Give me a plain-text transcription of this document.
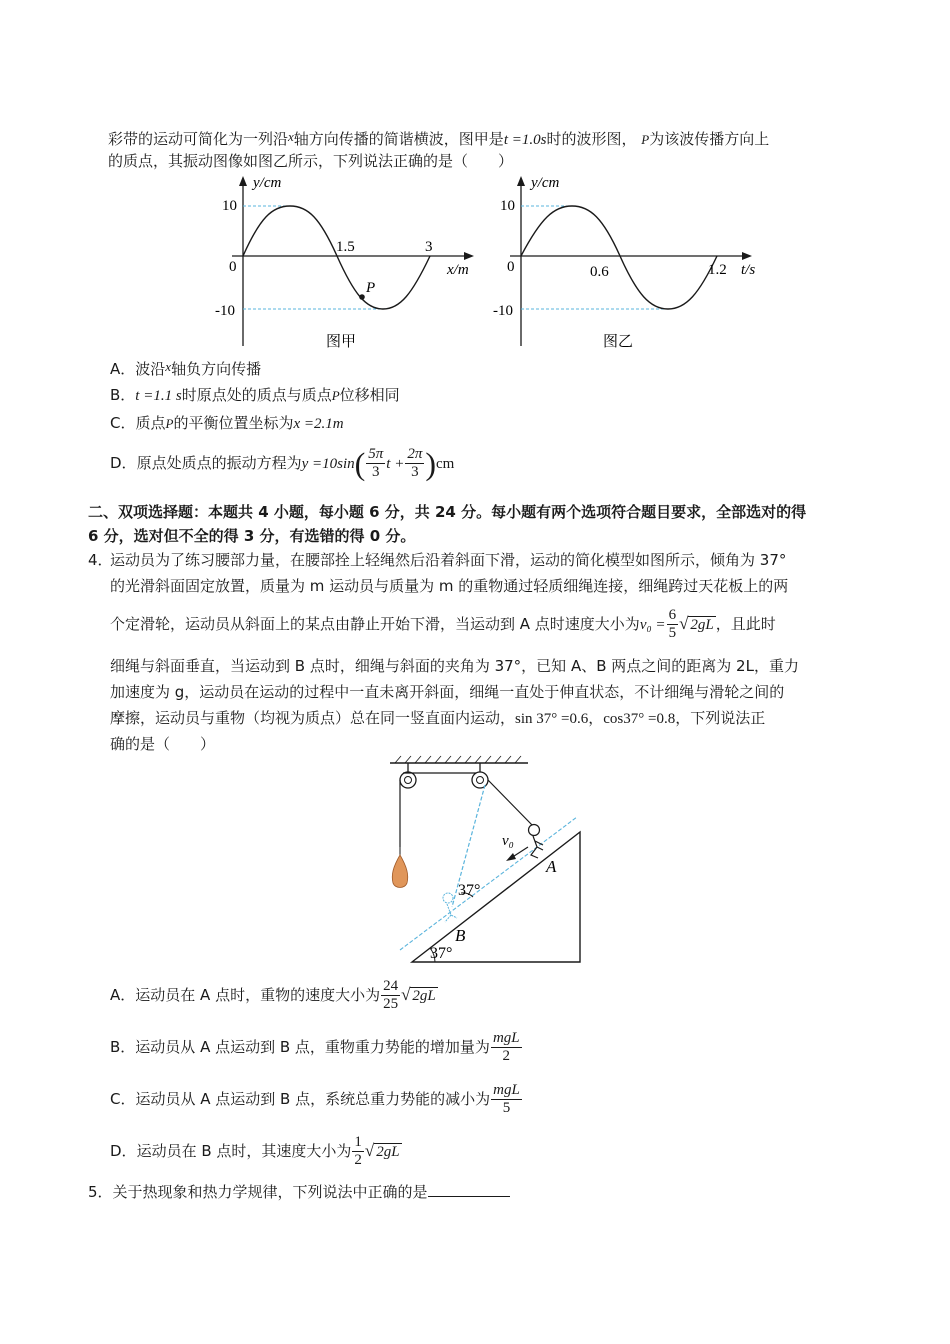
彩带的运动可简化为一列沿x轴方向传播的简谐横波，图甲是t =1.0s时的波形图， P为该波传播方向上
的质点，其振动图像如图乙所示，下列说法正确的是（　　）
y/cm
10
0
-10
1.5	3
x/m
P
图甲
y/cm
10
0
-10
0.6	1.2 t/s
图乙
A．波沿x轴负方向传播
B．t =1.1 s时原点处的质点与质点P位移相同
C．质点P的平衡位置坐标为x =2.1m
D．原点处质点的振动方程为$y =10\sin( \frac{5\pi}{3}$ $t + \frac{2\pi}{3} )cm$
二、双项选择题：本题共 4 小题，每小题 6 分，共 24 分。每小题有两个选项符合题目要求，全部选对的得
6 分，选对但不全的得 3 分，有选错的得 0 分。
4．
运动员为了练习腰部力量，在腰部拴上轻绳然后沿着斜面下滑，运动的简化模型如图所示，倾角为 37°
的光滑斜面固定放置，质量为 m 运动员与质量为 m 的重物通过轻质细绳连接，细绳跨过天花板上的两
个定滑轮，运动员从斜面上的某点由静止开始下滑，当运动到 A 点时速度大小为$v_0 = \frac{6}{5}$ √ 2gL ，且此时
细绳与斜面垂直，当运动到 B 点时，细绳与斜面的夹角为 37°，已知 A、B 两点之间的距离为 2L，重力
加速度为 g，运动员在运动的过程中一直未离开斜面，细绳一直处于伸直状态，不计细绳与滑轮之间的
摩擦，运动员与重物（均视为质点）总在同一竖直面内运动，sin 37° =0.6，cos37° =0.8，下列说法正
确的是（　　）
v₀
A
B
37°
37°
A．运动员在 A 点时，重物的速度大小为 $\frac{24}{25}$ √ 2gL
B．运动员从 A 点运动到 B 点，重物重力势能的增加量为 $\frac{\text{mgL}}{2}$
C．运动员从 A 点运动到 B 点，系统总重力势能的减小为 $\frac{\text{mgL}}{5}$
D．运动员在 B 点时，其速度大小为 $\frac{1}{2}$ √ 2gL
5．关于热现象和热力学规律，下列说法中正确的是
